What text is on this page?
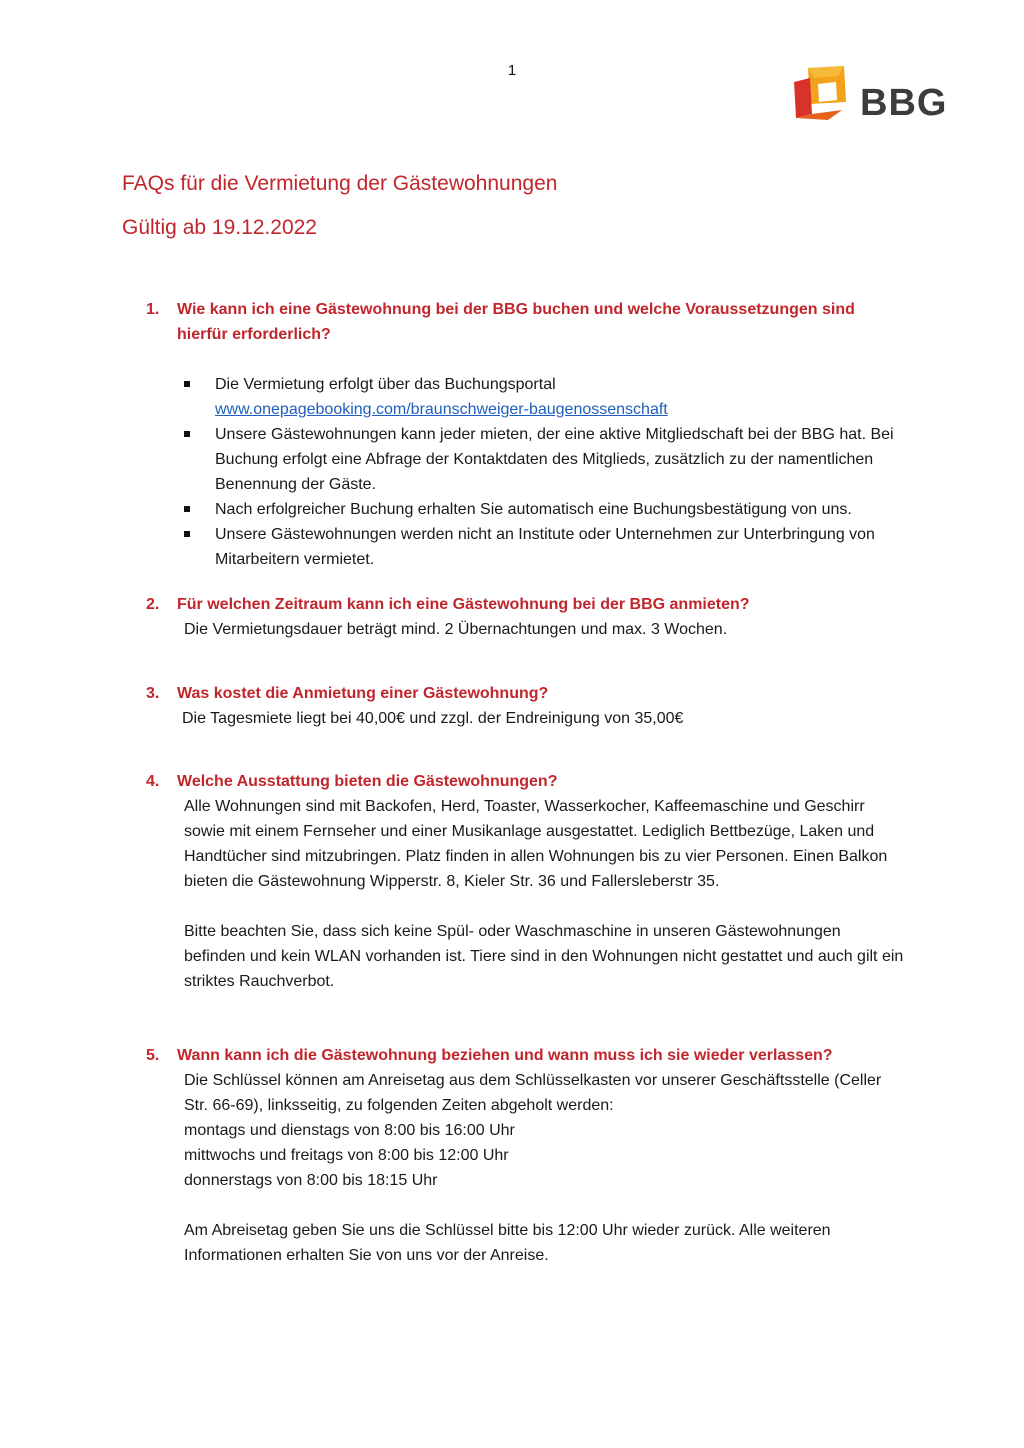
1
BBG
FAQs für die Vermietung der Gästewohnungen
Gültig ab 19.12.2022
1. Wie kann ich eine Gästewohnung bei der BBG buchen und welche Voraussetzungen sind hierfür erforderlich?
Die Vermietung erfolgt über das Buchungsportal
www.onepagebooking.com/braunschweiger-baugenossenschaft
Unsere Gästewohnungen kann jeder mieten, der eine aktive Mitgliedschaft bei der BBG hat. Bei Buchung erfolgt eine Abfrage der Kontaktdaten des Mitglieds, zusätzlich zu der namentlichen Benennung der Gäste.
Nach erfolgreicher Buchung erhalten Sie automatisch eine Buchungsbestätigung von uns.
Unsere Gästewohnungen werden nicht an Institute oder Unternehmen zur Unterbringung von Mitarbeitern vermietet.
2. Für welchen Zeitraum kann ich eine Gästewohnung bei der BBG anmieten?
Die Vermietungsdauer beträgt mind. 2 Übernachtungen und max. 3 Wochen.
3. Was kostet die Anmietung einer Gästewohnung?
Die Tagesmiete liegt bei 40,00€ und zzgl. der Endreinigung von 35,00€
4. Welche Ausstattung bieten die Gästewohnungen?

Alle Wohnungen sind mit Backofen, Herd, Toaster, Wasserkocher, Kaffeemaschine und Geschirr sowie mit einem Fernseher und einer Musikanlage ausgestattet. Lediglich Bettbezüge, Laken und Handtücher sind mitzubringen. Platz finden in allen Wohnungen bis zu vier Personen. Einen Balkon bieten die Gästewohnung Wipperstr. 8, Kieler Str. 36 und Fallersleberstr 35.

Bitte beachten Sie, dass sich keine Spül- oder Waschmaschine in unseren Gästewohnungen befinden und kein WLAN vorhanden ist. Tiere sind in den Wohnungen nicht gestattet und auch gilt ein striktes Rauchverbot.

5. Wann kann ich die Gästewohnung beziehen und wann muss ich sie wieder verlassen?

Die Schlüssel können am Anreisetag aus dem Schlüsselkasten vor unserer Geschäftsstelle (Celler Str. 66-69), linksseitig, zu folgenden Zeiten abgeholt werden:

montags und dienstags von 8:00 bis 16:00 Uhr

mittwochs und freitags von 8:00 bis 12:00 Uhr

donnerstags von 8:00 bis 18:15 Uhr

Am Abreisetag geben Sie uns die Schlüssel bitte bis 12:00 Uhr wieder zurück. Alle weiteren Informationen erhalten Sie von uns vor der Anreise.
